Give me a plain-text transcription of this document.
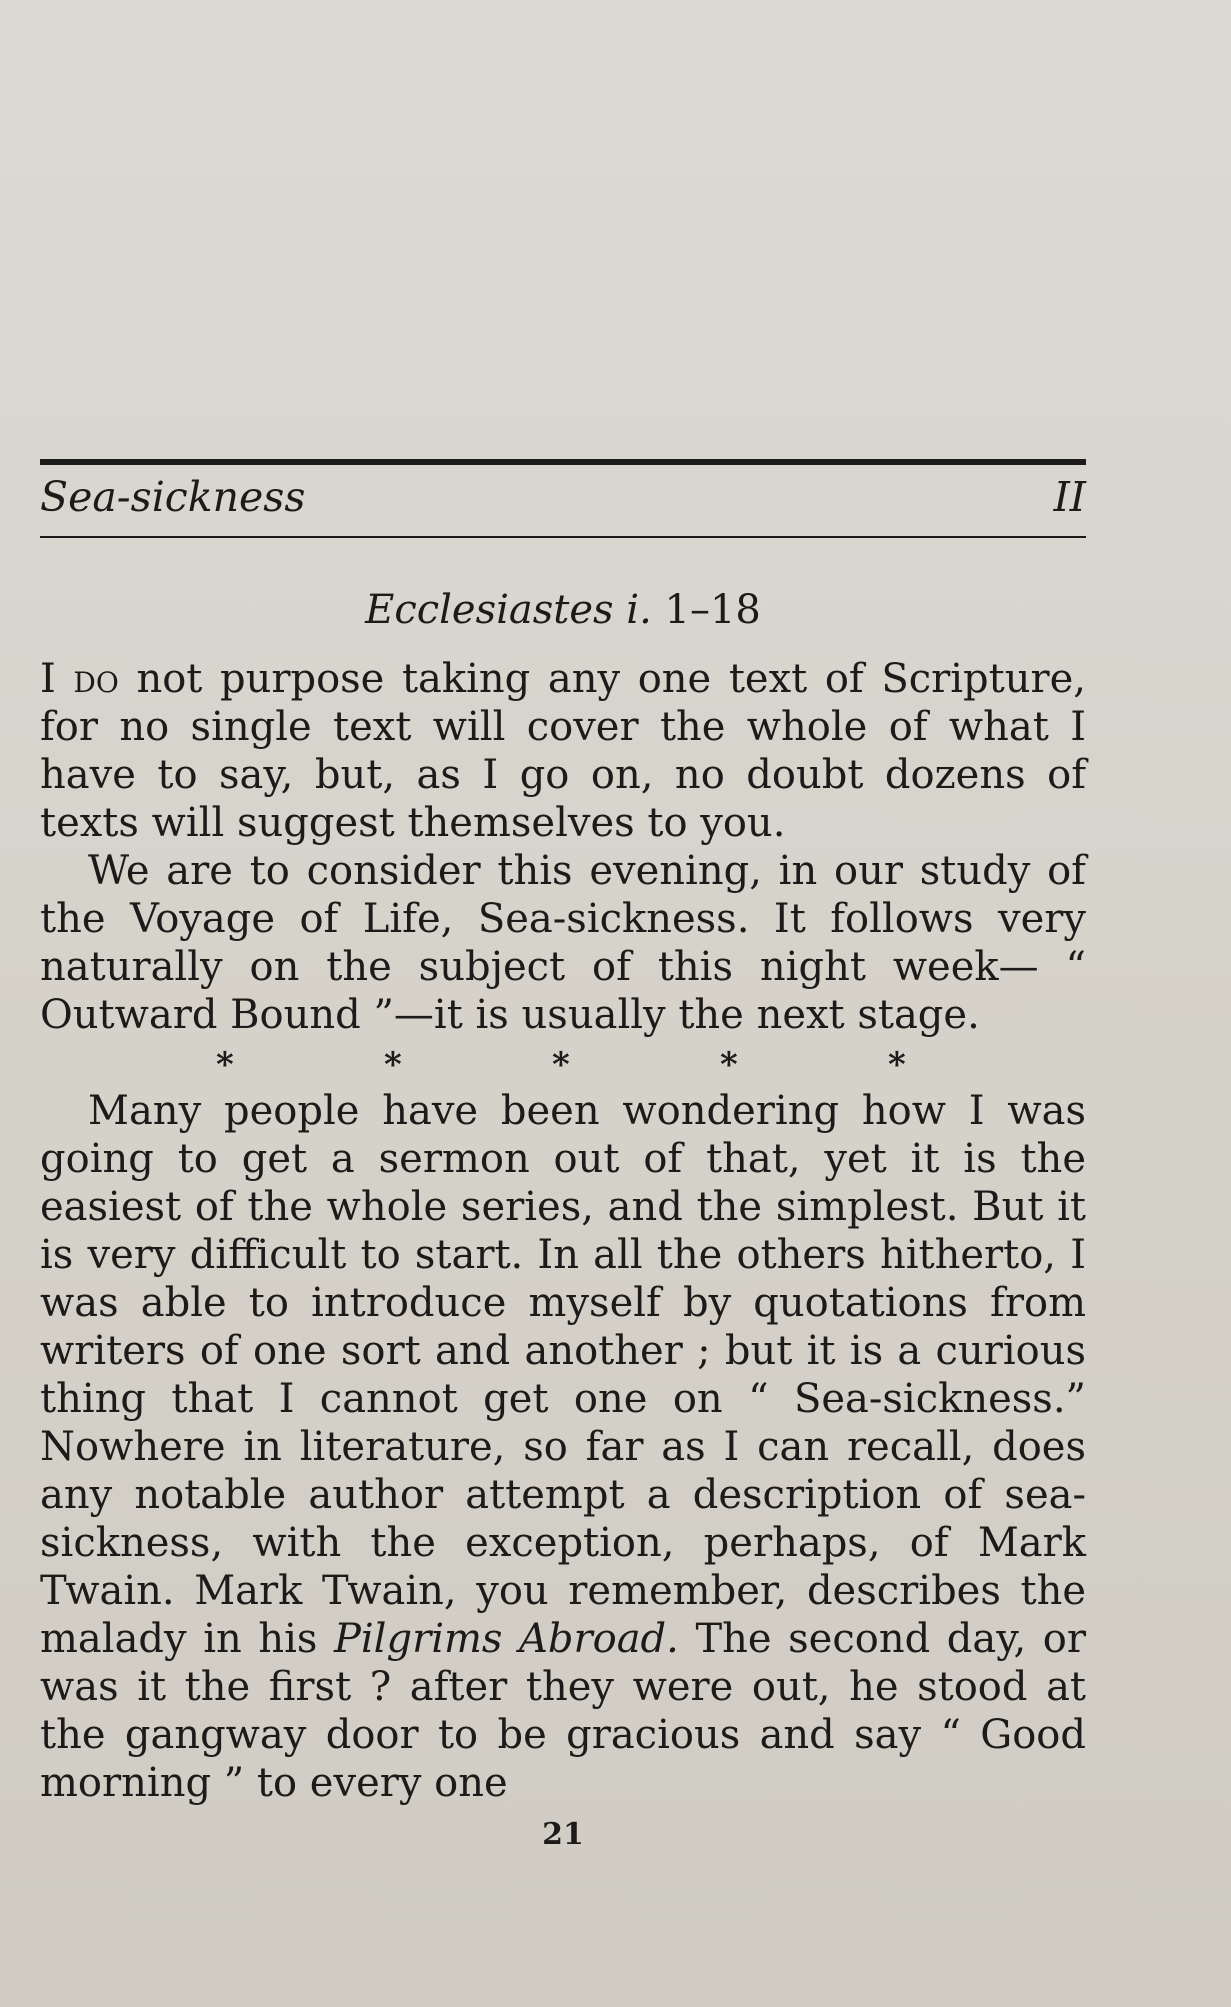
Sea-sickness	II
Ecclesiastes i. 1–18

I do not purpose taking any one text of Scripture, for no single text will cover the whole of what I have to say, but, as I go on, no doubt dozens of texts will suggest themselves to you.

We are to consider this evening, in our study of the Voyage of Life, Sea-sickness. It follows very naturally on the subject of this night week— “ Outward Bound ”—it is usually the next stage.

*	*	*	*	*

Many people have been wondering how I was going to get a sermon out of that, yet it is the easiest of the whole series, and the simplest. But it is very difficult to start. In all the others hitherto, I was able to introduce myself by quotations from writers of one sort and another ; but it is a curious thing that I cannot get one on “ Sea-sickness.” Nowhere in literature, so far as I can recall, does any notable author attempt a description of sea-sickness, with the exception, perhaps, of Mark Twain. Mark Twain, you remember, describes the malady in his Pilgrims Abroad. The second day, or was it the first ? after they were out, he stood at the gangway door to be gracious and say “ Good morning ” to every one

21
